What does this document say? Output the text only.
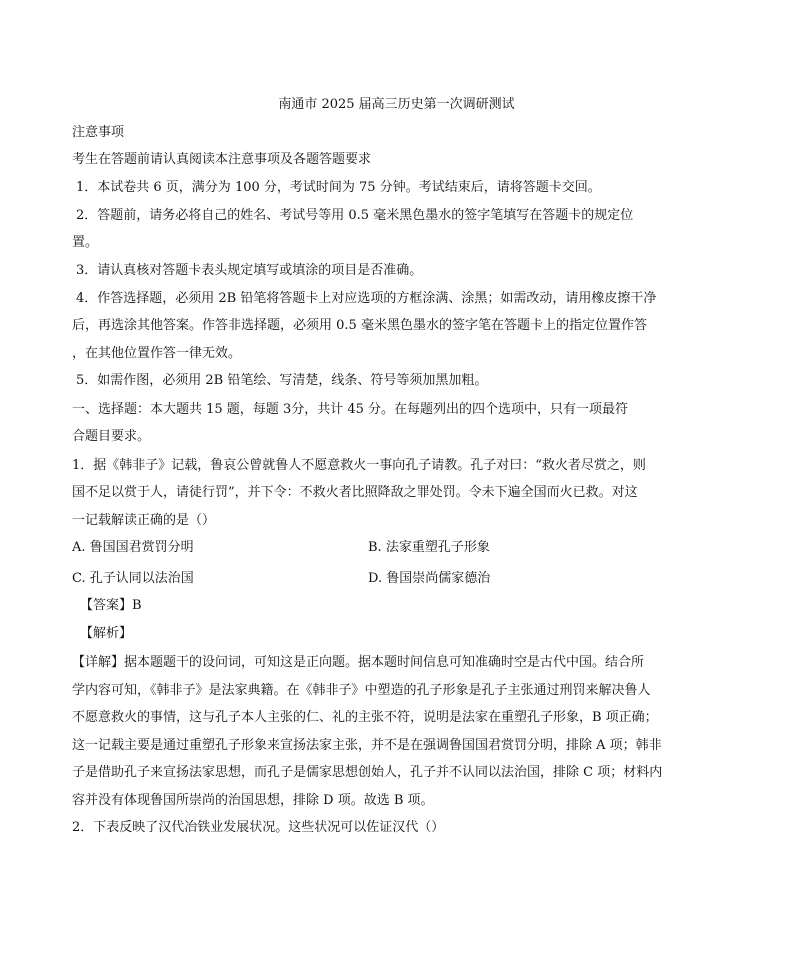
南通市 2025 届高三历史第一次调研测试
注意事项
考生在答题前请认真阅读本注意事项及各题答题要求
1．本试卷共 6 页，满分为 100 分，考试时间为 75 分钟。考试结束后，请将答题卡交回。
2．答题前，请务必将自己的姓名、考试号等用 0.5 毫米黑色墨水的签字笔填写在答题卡的规定位
置。
3．请认真核对答题卡表头规定填写或填涂的项目是否准确。
4．作答选择题，必须用 2B 铅笔将答题卡上对应选项的方框涂满、涂黑；如需改动，请用橡皮擦干净
后，再选涂其他答案。作答非选择题，必须用 0.5 毫米黑色墨水的签字笔在答题卡上的指定位置作答
，在其他位置作答一律无效。
5．如需作图，必须用 2B 铅笔绘、写清楚，线条、符号等须加黑加粗。
一、选择题：本大题共 15 题，每题 3分，共计 45 分。在每题列出的四个选项中，只有一项最符
合题目要求。
1．据《韩非子》记载，鲁哀公曾就鲁人不愿意救火一事向孔子请教。孔子对曰：“救火者尽赏之，则
国不足以赏于人，请徒行罚”，并下令：不救火者比照降敌之罪处罚。令未下遍全国而火已救。对这
一记载解读正确的是（）
A. 鲁国国君赏罚分明	B. 法家重塑孔子形象
C. 孔子认同以法治国	D. 鲁国崇尚儒家德治
【答案】B
【解析】
【详解】据本题题干的设问词，可知这是正向题。据本题时间信息可知准确时空是古代中国。结合所
学内容可知，《韩非子》是法家典籍。在《韩非子》中塑造的孔子形象是孔子主张通过刑罚来解决鲁人
不愿意救火的事情，这与孔子本人主张的仁、礼的主张不符，说明是法家在重塑孔子形象，B 项正确；
这一记载主要是通过重塑孔子形象来宣扬法家主张，并不是在强调鲁国国君赏罚分明，排除 A 项；韩非
子是借助孔子来宣扬法家思想，而孔子是儒家思想创始人，孔子并不认同以法治国，排除 C 项；材料内
容并没有体现鲁国所崇尚的治国思想，排除 D 项。故选 B 项。
2．下表反映了汉代冶铁业发展状况。这些状况可以佐证汉代（）
